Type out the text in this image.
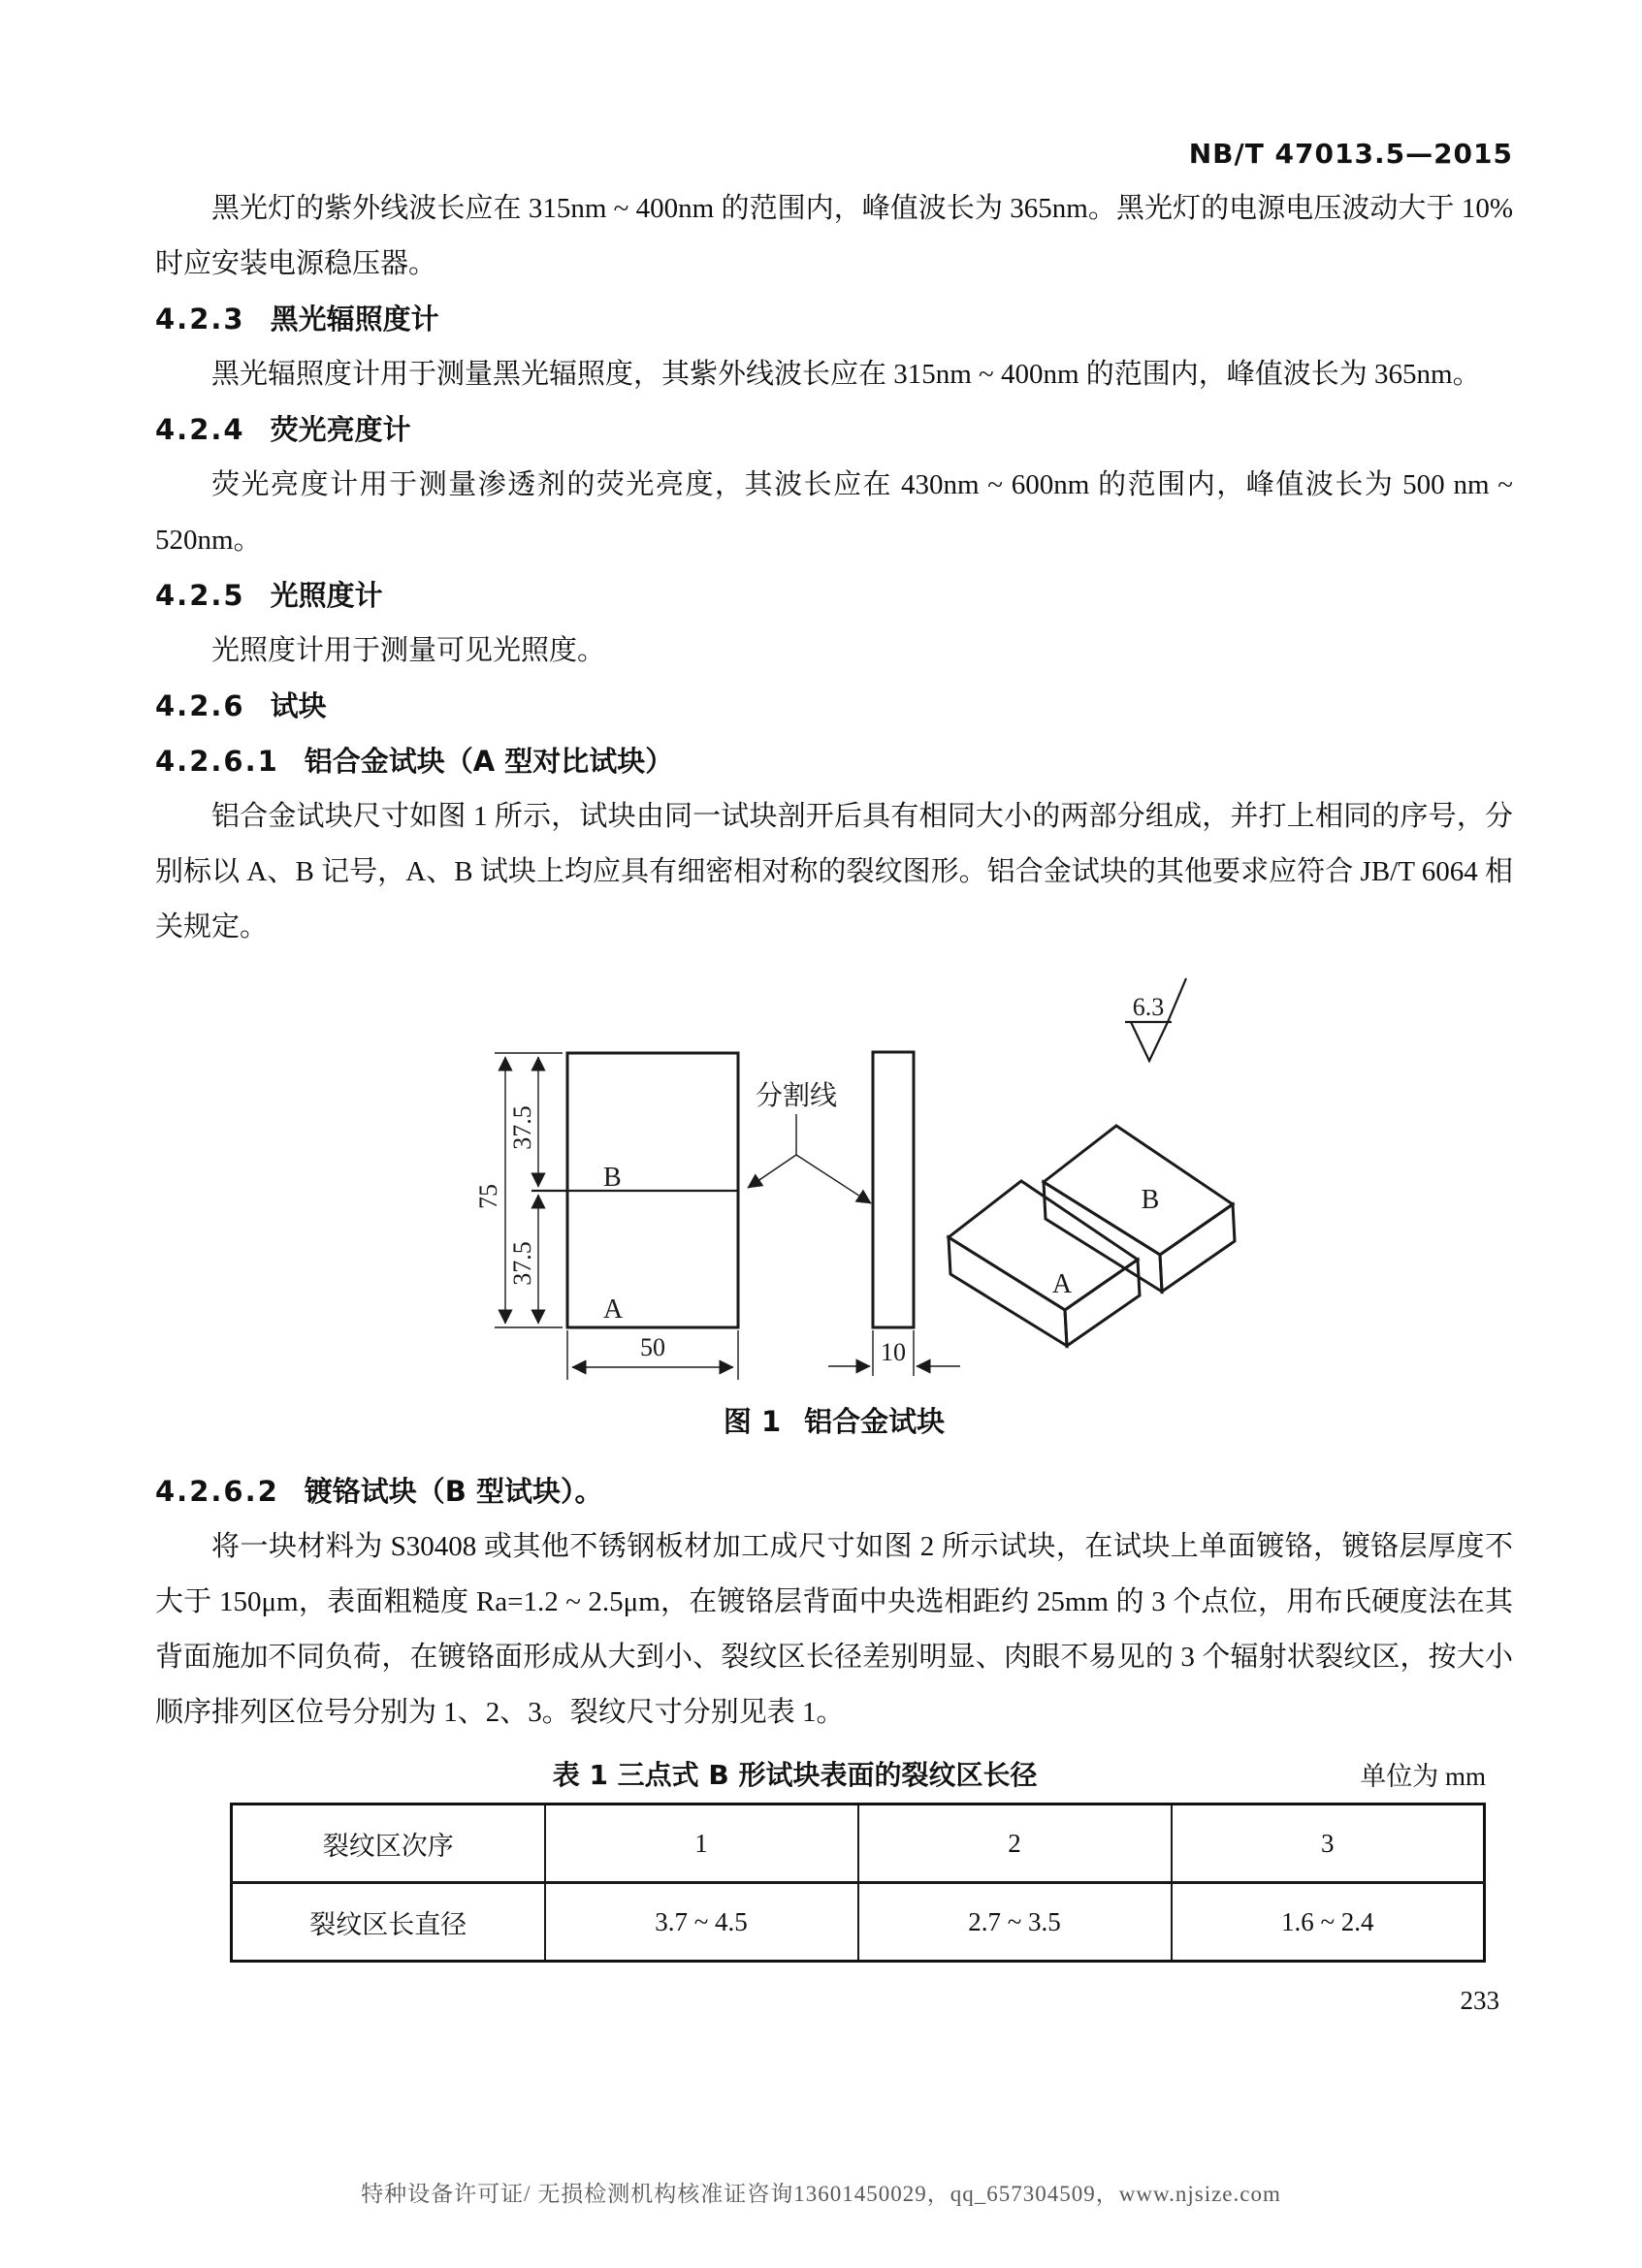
NB/T 47013.5—2015

黑光灯的紫外线波长应在 315nm ~ 400nm 的范围内，峰值波长为 365nm。黑光灯的电源电压波动大于 10%时应安装电源稳压器。

4.2.3 黑光辐照度计

黑光辐照度计用于测量黑光辐照度，其紫外线波长应在 315nm ~ 400nm 的范围内，峰值波长为 365nm。

4.2.4 荧光亮度计

荧光亮度计用于测量渗透剂的荧光亮度，其波长应在 430nm ~ 600nm 的范围内，峰值波长为 500 nm ~ 520nm。

4.2.5 光照度计

光照度计用于测量可见光照度。

4.2.6 试块
4.2.6.1 铝合金试块（A 型对比试块）

铝合金试块尺寸如图 1 所示，试块由同一试块剖开后具有相同大小的两部分组成，并打上相同的序号，分别标以 A、B 记号，A、B 试块上均应具有细密相对称的裂纹图形。铝合金试块的其他要求应符合 JB/T 6064 相关规定。

B
A
75
37.5
37.5
50	10
分割线
6.3
B
A
图 1 铝合金试块
4.2.6.2 镀铬试块（B 型试块）。

将一块材料为 S30408 或其他不锈钢板材加工成尺寸如图 2 所示试块，在试块上单面镀铬，镀铬层厚度不大于 150μm，表面粗糙度 Ra=1.2 ~ 2.5μm，在镀铬层背面中央选相距约 25mm 的 3 个点位，用布氏硬度法在其背面施加不同负荷，在镀铬面形成从大到小、裂纹区长径差别明显、肉眼不易见的 3 个辐射状裂纹区，按大小顺序排列区位号分别为 1、2、3。裂纹尺寸分别见表 1。

表 1 三点式 B 形试块表面的裂纹区长径	单位为 mm
裂纹区次序	1	2	3
裂纹区长直径	3.7 ~ 4.5	2.7 ~ 3.5	1.6 ~ 2.4
233
特种设备许可证/ 无损检测机构核准证咨询13601450029，qq_657304509，www.njsize.com
